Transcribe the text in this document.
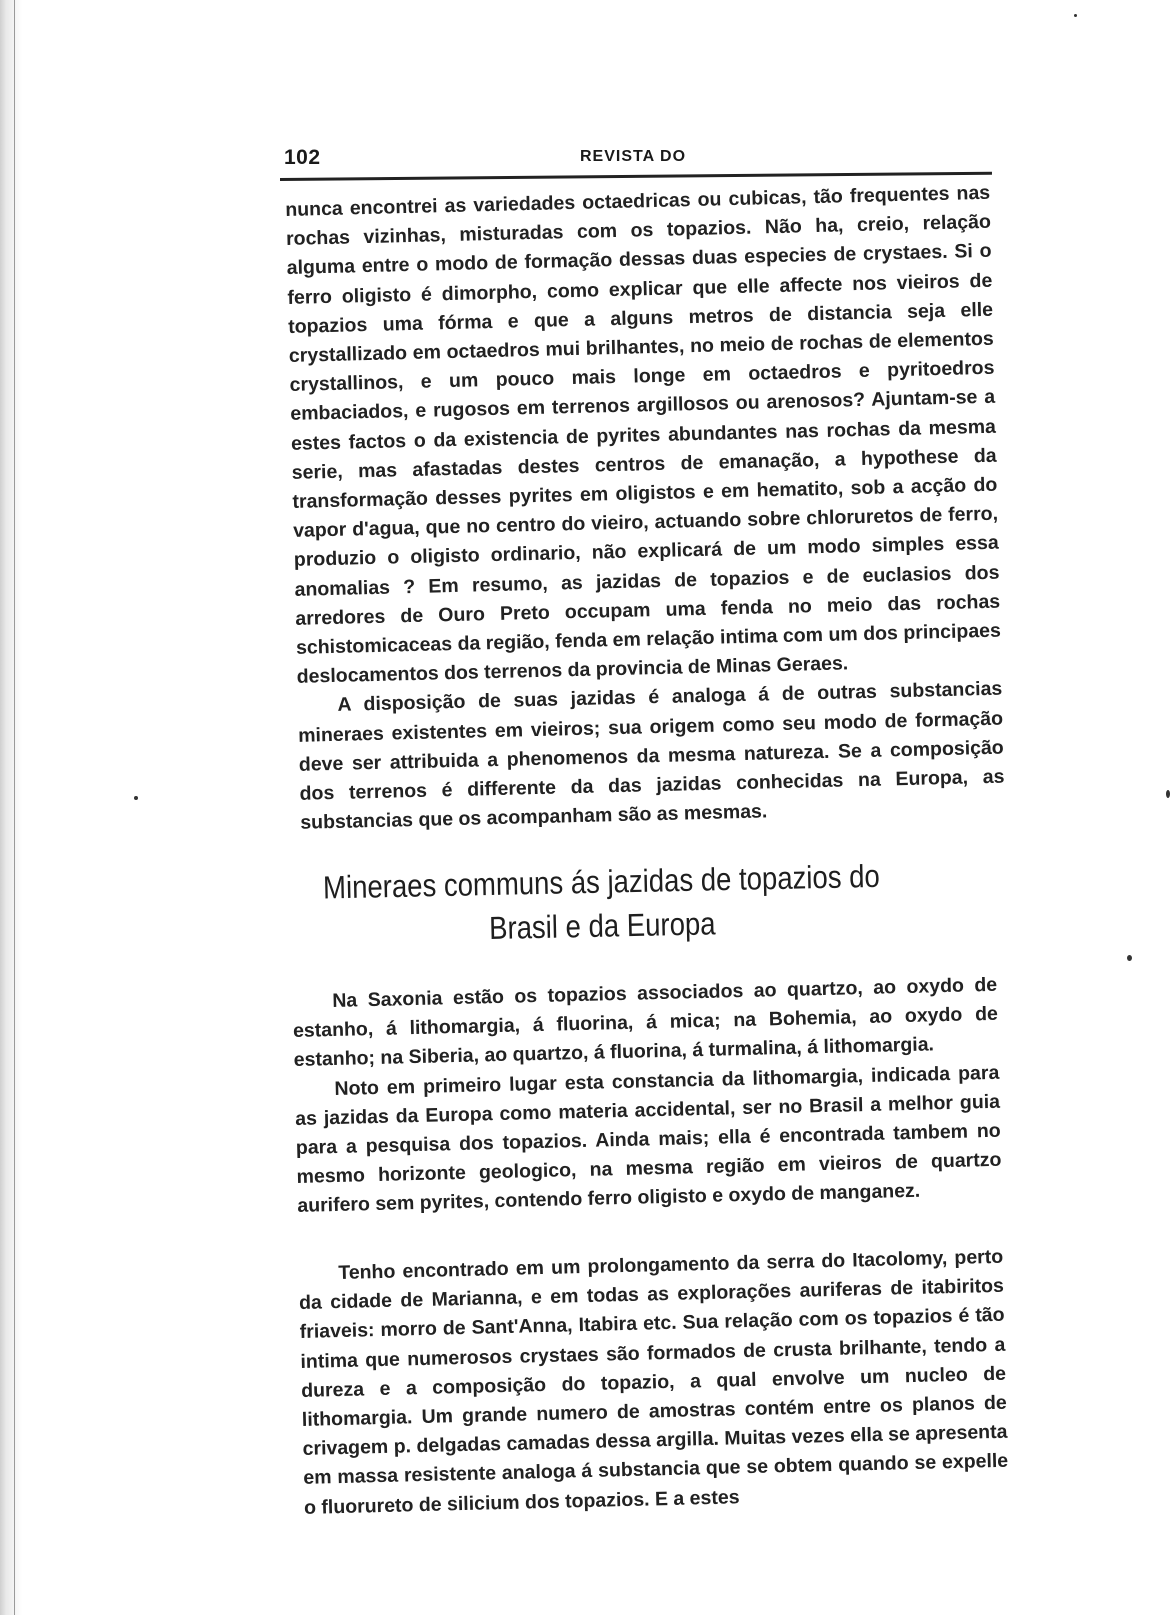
102	REVISTA DO

nunca encontrei as variedades octaedricas ou cubicas, tão frequentes nas rochas vizinhas, misturadas com os topazios. Não ha, creio, relação alguma entre o modo de formação dessas duas especies de crystaes. Si o ferro oligisto é dimorpho, como explicar que elle affecte nos vieiros de topazios uma fórma e que a alguns metros de distancia seja elle crystallizado em octaedros mui brilhantes, no meio de rochas de elementos crystallinos, e um pouco mais longe em octaedros e pyritoedros embaciados, e rugosos em terrenos argillosos ou arenosos? Ajuntam-se a estes factos o da existencia de pyrites abundantes nas rochas da mesma serie, mas afastadas destes centros de emanação, a hypothese da transformação desses pyrites em oligistos e em hematito, sob a acção do vapor d'agua, que no centro do vieiro, actuando sobre chloruretos de ferro, produzio o oligisto ordinario, não explicará de um modo simples essa anomalias ? Em resumo, as jazidas de topazios e de euclasios dos arredores de Ouro Preto occupam uma fenda no meio das rochas schistomicaceas da região, fenda em relação intima com um dos principaes deslocamentos dos terrenos da provincia de Minas Geraes.

A disposição de suas jazidas é analoga á de outras substancias mineraes existentes em vieiros; sua origem como seu modo de formação deve ser attribuida a phenomenos da mesma natureza. Se a composição dos terrenos é differente da das jazidas conhecidas na Europa, as substancias que os acompanham são as mesmas.

Mineraes communs ás jazidas de topazios do Brasil e da Europa

Na Saxonia estão os topazios associados ao quartzo, ao oxydo de estanho, á lithomargia, á fluorina, á mica; na Bohemia, ao oxydo de estanho; na Siberia, ao quartzo, á fluorina, á turmalina, á lithomargia.

Noto em primeiro lugar esta constancia da lithomargia, indicada para as jazidas da Europa como materia accidental, ser no Brasil a melhor guia para a pesquisa dos topazios. Ainda mais; ella é encontrada tambem no mesmo horizonte geologico, na mesma região em vieiros de quartzo aurifero sem pyrites, contendo ferro oligisto e oxydo de manganez.

Tenho encontrado em um prolongamento da serra do Itacolomy, perto da cidade de Marianna, e em todas as explorações auriferas de itabiritos friaveis: morro de Sant'Anna, Itabira etc. Sua relação com os topazios é tão intima que numerosos crystaes são formados de crusta brilhante, tendo a dureza e a composição do topazio, a qual envolve um nucleo de lithomargia. Um grande numero de amostras contém entre os planos de crivagem p. delgadas camadas dessa argilla. Muitas vezes ella se apresenta em massa resistente analoga á substancia que se obtem quando se expelle o fluorureto de silicium dos topazios. E a estes
